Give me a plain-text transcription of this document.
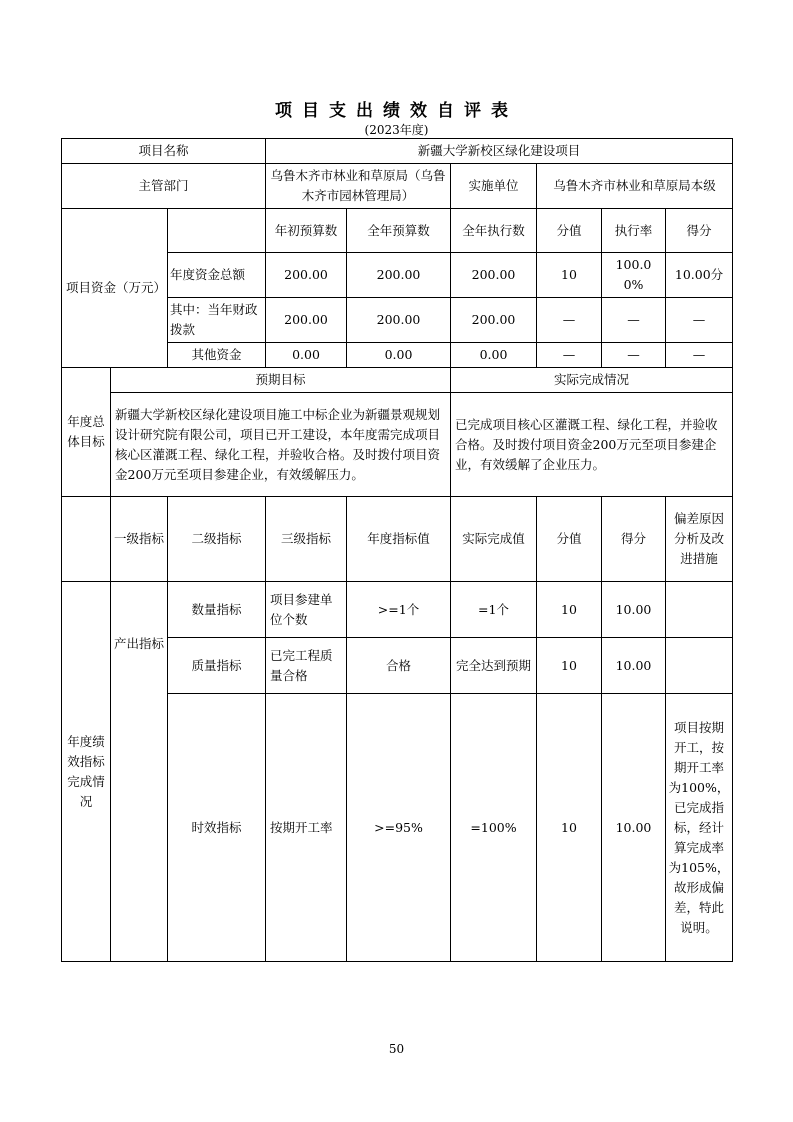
项目支出绩效自评表
(2023年度)
项目名称			新疆大学新校区绿化建设项目					
主管部门			乌鲁木齐市林业和草原局（乌鲁木齐市园林管理局）		实施单位	乌鲁木齐市林业和草原局本级		
项目资金（万元）			年初预算数	全年预算数	全年执行数	分值	执行率	得分
		年度资金总额	200.00	200.00	200.00	10	100.00%	10.00分
		其中：当年财政拨款	200.00	200.00	200.00	—	—	—
		其他资金	0.00	0.00	0.00	—	—	—
年度总体目标	预期目标				实际完成情况			
	新疆大学新校区绿化建设项目施工中标企业为新疆景观规划设计研究院有限公司，项目已开工建设，本年度需完成项目核心区灌溉工程、绿化工程，并验收合格。及时拨付项目资金200万元至项目参建企业，有效缓解压力。				已完成项目核心区灌溉工程、绿化工程，并验收合格。及时拨付项目资金200万元至项目参建企业，有效缓解了企业压力。			
	一级指标	二级指标	三级指标	年度指标值	实际完成值	分值	得分	偏差原因分析及改进措施
年度绩效指标完成情况	产出指标	数量指标	项目参建单位个数	>=1个	=1个	10	10.00	
		质量指标	已完工程质量合格	合格	完全达到预期	10	10.00	
		时效指标	按期开工率	>=95%	=100%	10	10.00	项目按期开工，按期开工率为100%，已完成指标，经计算完成率为105%，故形成偏差，特此说明。
50
